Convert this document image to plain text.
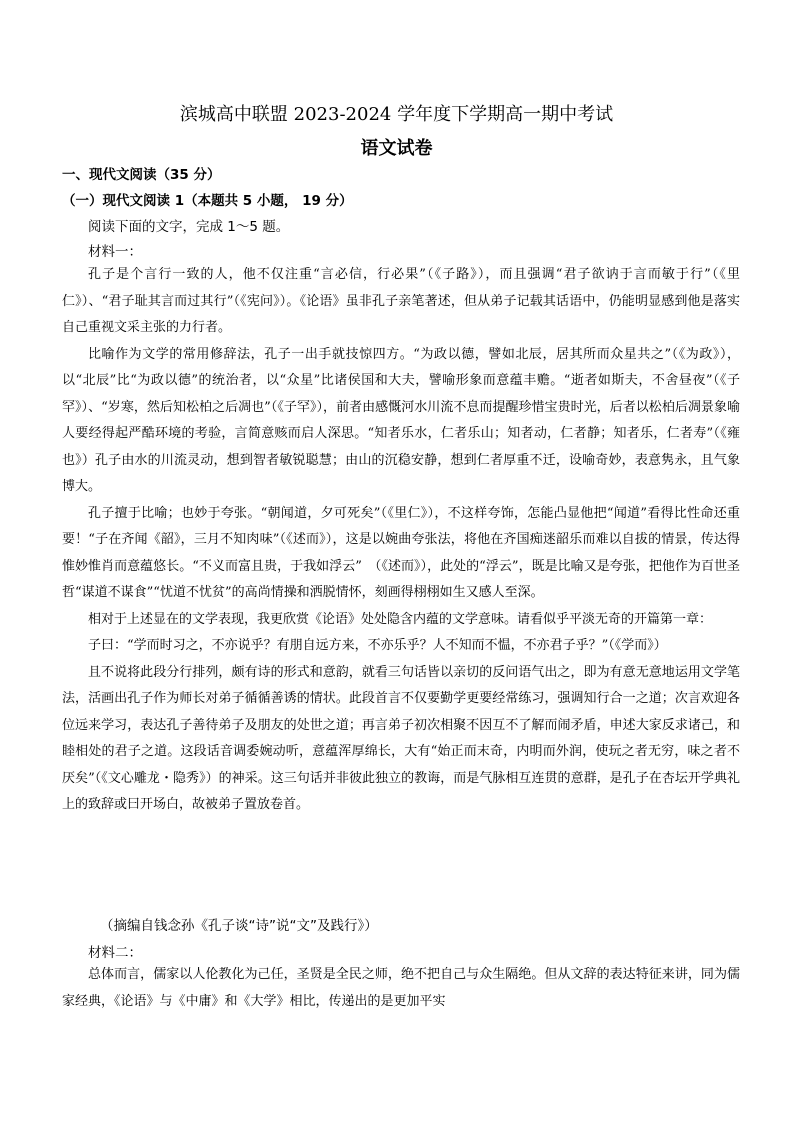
滨城高中联盟 2023-2024 学年度下学期高一期中考试
语文试卷
一、现代文阅读（35 分）
（一）现代文阅读 1（本题共 5 小题， 19 分）
阅读下面的文字，完成 1～5 题。
材料一：

孔子是个言行一致的人，他不仅注重“言必信，行必果”（《子路》），而且强调“君子欲讷于言而敏于行”（《里仁》）、“君子耻其言而过其行”（《宪问》）。《论语》虽非孔子亲笔著述，但从弟子记载其话语中，仍能明显感到他是落实自己重视文采主张的力行者。

比喻作为文学的常用修辞法，孔子一出手就技惊四方。“为政以德，譬如北辰，居其所而众星共之”（《为政》），以“北辰”比“为政以德”的统治者，以“众星”比诸侯国和大夫，譬喻形象而意蕴丰赡。“逝者如斯夫，不舍昼夜”（《子罕》）、“岁寒，然后知松柏之后凋也”（《子罕》），前者由感慨河水川流不息而提醒珍惜宝贵时光，后者以松柏后凋景象喻人要经得起严酷环境的考验，言简意赅而启人深思。“知者乐水，仁者乐山；知者动，仁者静；知者乐，仁者寿”（《雍也》）孔子由水的川流灵动，想到智者敏锐聪慧；由山的沉稳安静，想到仁者厚重不迁，设喻奇妙，表意隽永，且气象博大。

孔子擅于比喻；也妙于夸张。“朝闻道，夕可死矣”（《里仁》），不这样夸饰，怎能凸显他把“闻道”看得比性命还重要！“子在齐闻《韶》，三月不知肉味”（《述而》），这是以婉曲夸张法，将他在齐国痴迷韶乐而难以自拔的情景，传达得惟妙惟肖而意蕴悠长。“不义而富且贵，于我如浮云”　（《述而》），此处的“浮云”，既是比喻又是夸张，把他作为百世圣哲“谋道不谋食”“忧道不忧贫”的高尚情操和洒脱情怀，刻画得栩栩如生又感人至深。

相对于上述显在的文学表现，我更欣赏《论语》处处隐含内蕴的文学意味。请看似乎平淡无奇的开篇第一章：

子曰：“学而时习之，不亦说乎？有朋自远方来，不亦乐乎？人不知而不愠，不亦君子乎？”（《学而》）

且不说将此段分行排列，颇有诗的形式和意韵，就看三句话皆以亲切的反问语气出之，即为有意无意地运用文学笔法，活画出孔子作为师长对弟子循循善诱的情状。此段首言不仅要勤学更要经常练习，强调知行合一之道；次言欢迎各位远来学习，表达孔子善待弟子及朋友的处世之道；再言弟子初次相聚不因互不了解而闹矛盾，申述大家反求诸己，和睦相处的君子之道。这段话音调委婉动听，意蕴浑厚绵长，大有“始正而末奇，内明而外润，使玩之者无穷，味之者不厌矣”（《文心雕龙・隐秀》）的神采。这三句话并非彼此独立的教诲，而是气脉相互连贯的意群，是孔子在杏坛开学典礼上的致辞或曰开场白，故被弟子置放卷首。

（摘编自钱念孙《孔子谈“诗”说“文”及践行》）
材料二：

总体而言，儒家以人伦教化为己任，圣贤是全民之师，绝不把自己与众生隔绝。但从文辞的表达特征来讲，同为儒家经典，《论语》与《中庸》和《大学》相比，传递出的是更加平实
